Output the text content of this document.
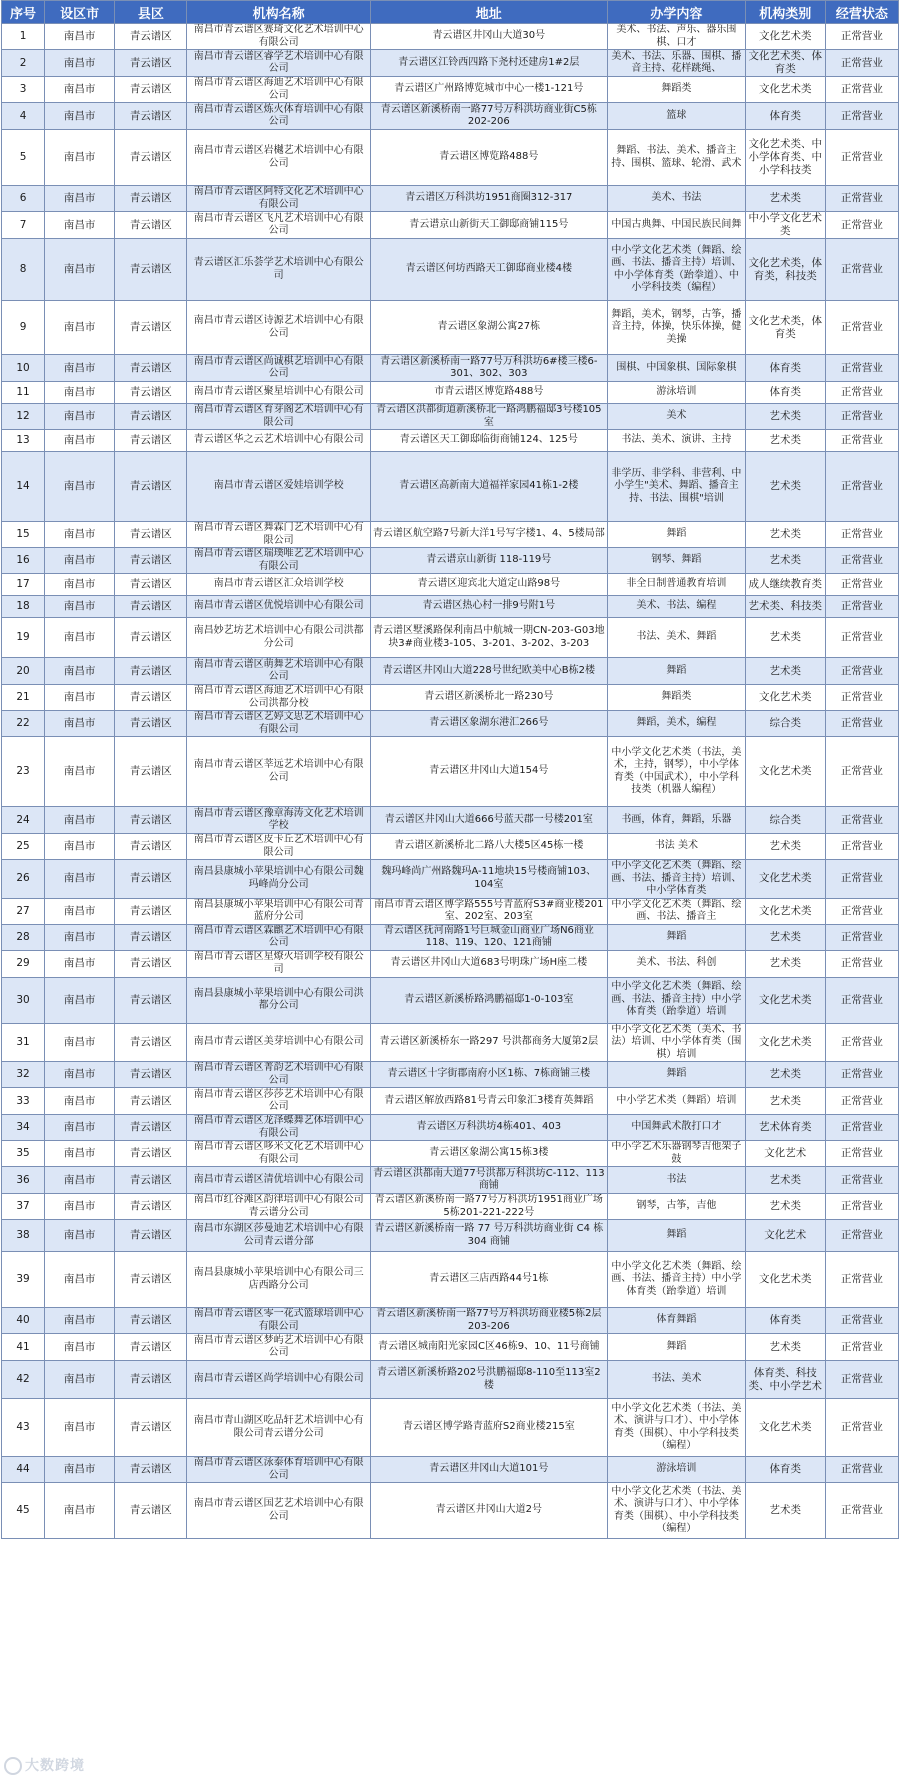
序号	设区市	县区	机构名称	地址	办学内容	机构类别	经营状态
1	南昌市	青云谱区	南昌市青云谱区赛琦文化艺术培训中心有限公司	青云谱区井冈山大道30号	美术、书法、声乐、器乐围棋、口才	文化艺术类	正常营业
2	南昌市	青云谱区	南昌市青云谱区睿学艺术培训中心有限公司	青云谱区江铃西四路下尧村还建房1#2层	美术、书法、乐器、围棋、播音主持、花样跳绳、	文化艺术类、体育类	正常营业
3	南昌市	青云谱区	南昌市青云谱区海迪艺术培训中心有限公司	青云谱区广州路博览城市中心一楼1-121号	舞蹈类	文化艺术类	正常营业
4	南昌市	青云谱区	南昌市青云谱区炼火体育培训中心有限公司	青云谱区新溪桥南一路77号万科洪坊商业街C5栋202-206	篮球	体育类	正常营业
5	南昌市	青云谱区	南昌市青云谱区岩樾艺术培训中心有限公司	青云谱区博览路488号	舞蹈、书法、美术、播音主持、围棋、篮球、轮滑、武术	文化艺术类、中小学体育类、中小学科技类	正常营业
6	南昌市	青云谱区	南昌市青云谱区阿特文化艺术培训中心有限公司	青云谱区万科洪坊1951商圈312-317	美术、书法	艺术类	正常营业
7	南昌市	青云谱区	南昌市青云谱区飞凡艺术培训中心有限公司	青云谱京山新街天工御邸商铺115号	中国古典舞、中国民族民间舞	中小学文化艺术类	正常营业
8	南昌市	青云谱区	青云谱区汇乐荟学艺术培训中心有限公司	青云谱区何坊西路天工御邸商业楼4楼	中小学文化艺术类（舞蹈、绘画、书法、播音主持）培训、中小学体育类（跆拳道）、中小学科技类（编程）	文化艺术类，体育类，科技类	正常营业
9	南昌市	青云谱区	南昌市青云谱区诗源艺术培训中心有限公司	青云谱区象湖公寓27栋	舞蹈，美术，钢琴，古筝，播音主持，体操，快乐体操，健美操	文化艺术类，体育类	正常营业
10	南昌市	青云谱区	南昌市青云谱区尚诚棋艺培训中心有限公司	青云谱区新溪桥南一路77号万科洪坊6#楼三楼6-301、302、303	围棋、中国象棋、国际象棋	体育类	正常营业
11	南昌市	青云谱区	南昌市青云谱区聚星培训中心有限公司	市青云谱区博览路488号	游泳培训	体育类	正常营业
12	南昌市	青云谱区	南昌市青云谱区育芽阁艺术培训中心有限公司	青云谱区洪都街道新溪桥北一路鸿鹏福邸3号楼105室	美术	艺术类	正常营业
13	南昌市	青云谱区	青云谱区华之云艺术培训中心有限公司	青云谱区天工御邸临街商铺124、125号	书法、美术、演讲、主持	艺术类	正常营业
14	南昌市	青云谱区	南昌市青云谱区爱娃培训学校	青云谱区高新南大道福祥家园41栋1-2楼	非学历、非学科、非营利、中小学生"美术、舞蹈、播音主持、书法、围棋"培训	艺术类	正常营业
15	南昌市	青云谱区	南昌市青云谱区舞霖门艺术培训中心有限公司	青云谱区航空路7号新大洋1号写字楼1、4、5楼局部	舞蹈	艺术类	正常营业
16	南昌市	青云谱区	南昌市青云谱区瑞璞唯艺艺术培训中心有限公司	青云谱京山新街 118-119号	钢琴、舞蹈	艺术类	正常营业
17	南昌市	青云谱区	南昌市青云谱区汇众培训学校	青云谱区迎宾北大道定山路98号	非全日制普通教育培训	成人继续教育类	正常营业
18	南昌市	青云谱区	南昌市青云谱区优悦培训中心有限公司	青云谱区热心村一排9号附1号	美术、书法、编程	艺术类、科技类	正常营业
19	南昌市	青云谱区	南昌妙艺坊艺术培训中心有限公司洪都分公司	青云谱区墅溪路保利南昌中航城一期CN-203-G03地块3#商业楼3-105、3-201、3-202、3-203	书法、美术、舞蹈	艺术类	正常营业
20	南昌市	青云谱区	南昌市青云谱区萌舞艺术培训中心有限公司	青云谱区井冈山大道228号世纪欧美中心B栋2楼	舞蹈	艺术类	正常营业
21	南昌市	青云谱区	南昌市青云谱区海迪艺术培训中心有限公司洪都分校	青云谱区新溪桥北一路230号	舞蹈类	文化艺术类	正常营业
22	南昌市	青云谱区	南昌市青云谱区艺婷文思艺术培训中心有限公司	青云谱区象湖东港汇266号	舞蹈，美术，编程	综合类	正常营业
23	南昌市	青云谱区	南昌市青云谱区莘远艺术培训中心有限公司	青云谱区井冈山大道154号	中小学文化艺术类（书法，美术，主持，钢琴），中小学体育类（中国武术），中小学科技类（机器人编程）	文化艺术类	正常营业
24	南昌市	青云谱区	南昌市青云谱区豫章海涛文化艺术培训学校	青云谱区井冈山大道666号蓝天郡一号楼201室	书画，体育，舞蹈，乐器	综合类	正常营业
25	南昌市	青云谱区	南昌市青云谱区皮卡丘艺术培训中心有限公司	青云谱区新溪桥北二路八大楼5区45栋一楼	书法 美术	艺术类	正常营业
26	南昌市	青云谱区	南昌县康城小苹果培训中心有限公司魏玛峰尚分公司	魏玛峰尚广州路魏玛A-11地块15号楼商铺103、104室	中小学文化艺术类（舞蹈、绘画、书法、播音主持）培训、中小学体育类	文化艺术类	正常营业
27	南昌市	青云谱区	南昌县康城小苹果培训中心有限公司青蓝府分公司	南昌市青云谱区博学路555号青蓝府S3#商业楼201室、202室、203室	中小学文化艺术类（舞蹈、绘画、书法、播音主	文化艺术类	正常营业
28	南昌市	青云谱区	南昌市青云谱区霖麒艺术培训中心有限公司	青云谱区抚河南路1号巨城金山商业广场N6商业118、119、120、121商铺	舞蹈	艺术类	正常营业
29	南昌市	青云谱区	南昌市青云谱区星燎火培训学校有限公司	青云谱区井冈山大道683号明珠广场H座二楼	美术、书法、科创	艺术类	正常营业
30	南昌市	青云谱区	南昌县康城小苹果培训中心有限公司洪都分公司	青云谱区新溪桥路鸿鹏福邸1-0-103室	中小学文化艺术类（舞蹈、绘画、书法、播音主持）中小学体育类（跆拳道）培训	文化艺术类	正常营业
31	南昌市	青云谱区	南昌市青云谱区美芽培训中心有限公司	青云谱区新溪桥东一路297 号洪都商务大厦第2层	中小学文化艺术类（美术、书法）培训、中小学体育类（围棋）培训	文化艺术类	正常营业
32	南昌市	青云谱区	南昌市青云谱区菁韵艺术培训中心有限公司	青云谱区十字街郡南府小区1栋、7栋商铺三楼	舞蹈	艺术类	正常营业
33	南昌市	青云谱区	南昌市青云谱区莎莎艺术培训中心有限公司	青云谱区解放西路81号青云印象汇3楼育英舞蹈	中小学艺术类（舞蹈）培训	艺术类	正常营业
34	南昌市	青云谱区	南昌市青云谱区龙泽蝶舞艺体培训中心有限公司	青云谱区万科洪坊4栋401、403	中国舞武术散打口才	艺术体育类	正常营业
35	南昌市	青云谱区	南昌市青云谱区哆米文化艺术培训中心有限公司	青云谱区象湖公寓15栋3楼	中小学艺术乐器钢琴吉他架子鼓	文化艺术	正常营业
36	南昌市	青云谱区	南昌市青云谱区清优培训中心有限公司	青云谱区洪都南大道77号洪都万科洪坊C-112、113商铺	书法	艺术类	正常营业
37	南昌市	青云谱区	南昌市红谷滩区韵律培训中心有限公司青云谱分公司	青云谱区新溪桥南一路77号万科洪坊1951商业广场5栋201-221-222号	钢琴，古筝，吉他	艺术类	正常营业
38	南昌市	青云谱区	南昌市东湖区莎曼迪艺术培训中心有限公司青云谱分部	青云谱区新溪桥南一路 77 号万科洪坊商业街 C4 栋 304 商铺	舞蹈	文化艺术	正常营业
39	南昌市	青云谱区	南昌县康城小苹果培训中心有限公司三店西路分公司	青云谱区三店西路44号1栋	中小学文化艺术类（舞蹈、绘画、书法、播音主持）中小学体育类（跆拳道）培训	文化艺术类	正常营业
40	南昌市	青云谱区	南昌市青云谱区零一花式篮球培训中心有限公司	青云谱区新溪桥南一路77号万科洪坊商业楼5栋2层203-206	体育舞蹈	体育类	正常营业
41	南昌市	青云谱区	南昌市青云谱区梦屿艺术培训中心有限公司	青云谱区城南阳光家园C区46栋9、10、11号商铺	舞蹈	艺术类	正常营业
42	南昌市	青云谱区	南昌市青云谱区尚学培训中心有限公司	青云谱区新溪桥路202号洪鹏福邸8-110至113室2楼	书法、美术	体育类、科技类、中小学艺术	正常营业
43	南昌市	青云谱区	南昌市青山湖区吃品轩艺术培训中心有限公司青云谱分公司	青云谱区博学路青蓝府S2商业楼215室	中小学文化艺术类（书法、美术、演讲与口才）、中小学体育类（围棋）、中小学科技类（编程）	文化艺术类	正常营业
44	南昌市	青云谱区	南昌市青云谱区泳泰体育培训中心有限公司	青云谱区井冈山大道101号	游泳培训	体育类	正常营业
45	南昌市	青云谱区	南昌市青云谱区国艺艺术培训中心有限公司	青云谱区井冈山大道2号	中小学文化艺术类（书法、美术、演讲与口才）、中小学体育类（围棋）、中小学科技类（编程）	艺术类	正常营业
大数跨境
